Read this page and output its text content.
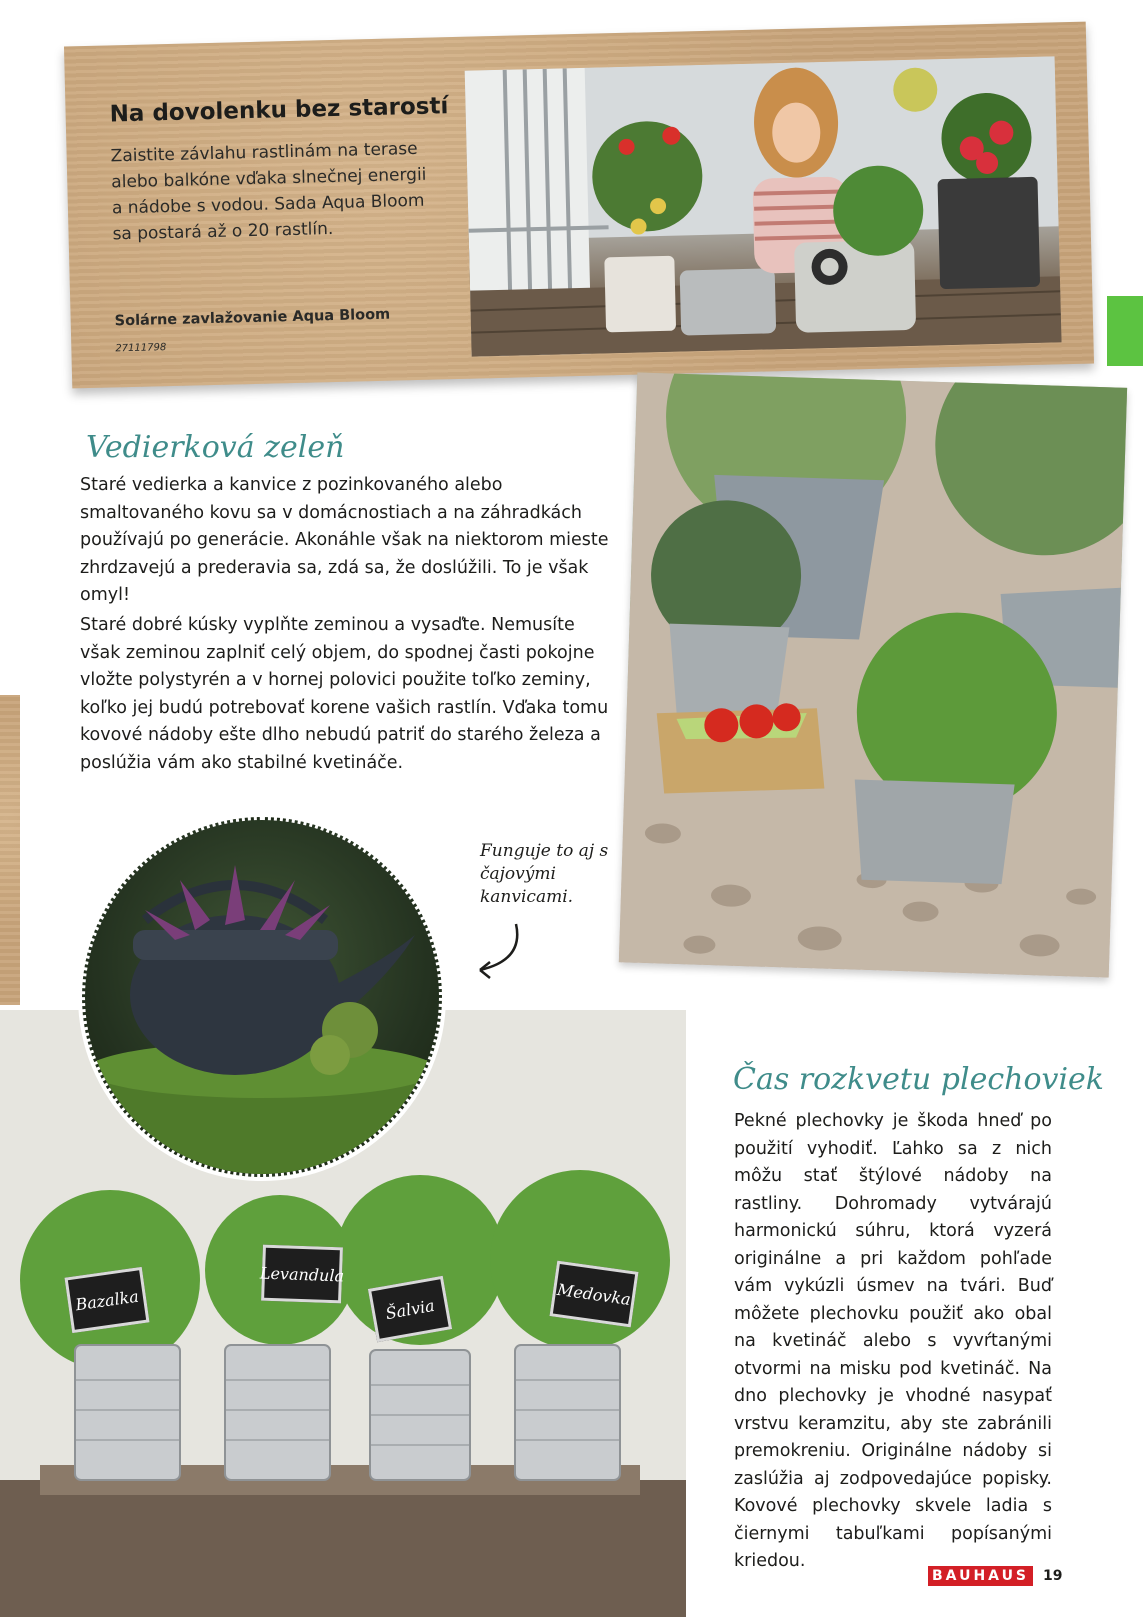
Na dovolenku bez starostí
Zaistite závlahu rastlinám na terase alebo balkóne vďaka slnečnej energii a nádobe s vodou. Sada Aqua Bloom sa postará až o 20 rastlín.
Solárne zavlažovanie Aqua Bloom
27111798
Vedierková zeleň
Staré vedierka a kanvice z pozinkovaného alebo smaltovaného kovu sa v domácnostiach a na záhradkách používajú po generácie. Akonáhle však na niektorom mieste zhrdzavejú a prederavia sa, zdá sa, že doslúžili. To je však omyl!
Staré dobré kúsky vyplňte zeminou a vysaďte. Nemusíte však zeminou zaplniť celý objem, do spodnej časti pokojne vložte polystyrén a v hornej polovici použite toľko zeminy, koľko jej budú potrebovať korene vašich rastlín. Vďaka tomu kovové nádoby ešte dlho nebudú patriť do starého železa a poslúžia vám ako stabilné kvetináče.
Bazalka
Levandula
Šalvia
Medovka
Funguje to aj s čajovými kanvicami.
Čas rozkvetu plechoviek
Pekné plechovky je škoda hneď po použití vyhodiť. Ľahko sa z nich môžu stať štýlové nádoby na rastliny. Dohromady vytvárajú harmonickú súhru, ktorá vyzerá originálne a pri každom pohľade vám vykúzli úsmev na tvári. Buď môžete plechovku použiť ako obal na kvetináč alebo s vyvŕtanými otvormi na misku pod kvetináč. Na dno plechovky je vhodné nasypať vrstvu keramzitu, aby ste zabránili premokreniu. Originálne nádoby si zaslúžia aj zodpovedajúce popisky. Kovové plechovky skvele ladia s čiernymi tabuľkami popísanými kriedou.
BAUHAUS 19
